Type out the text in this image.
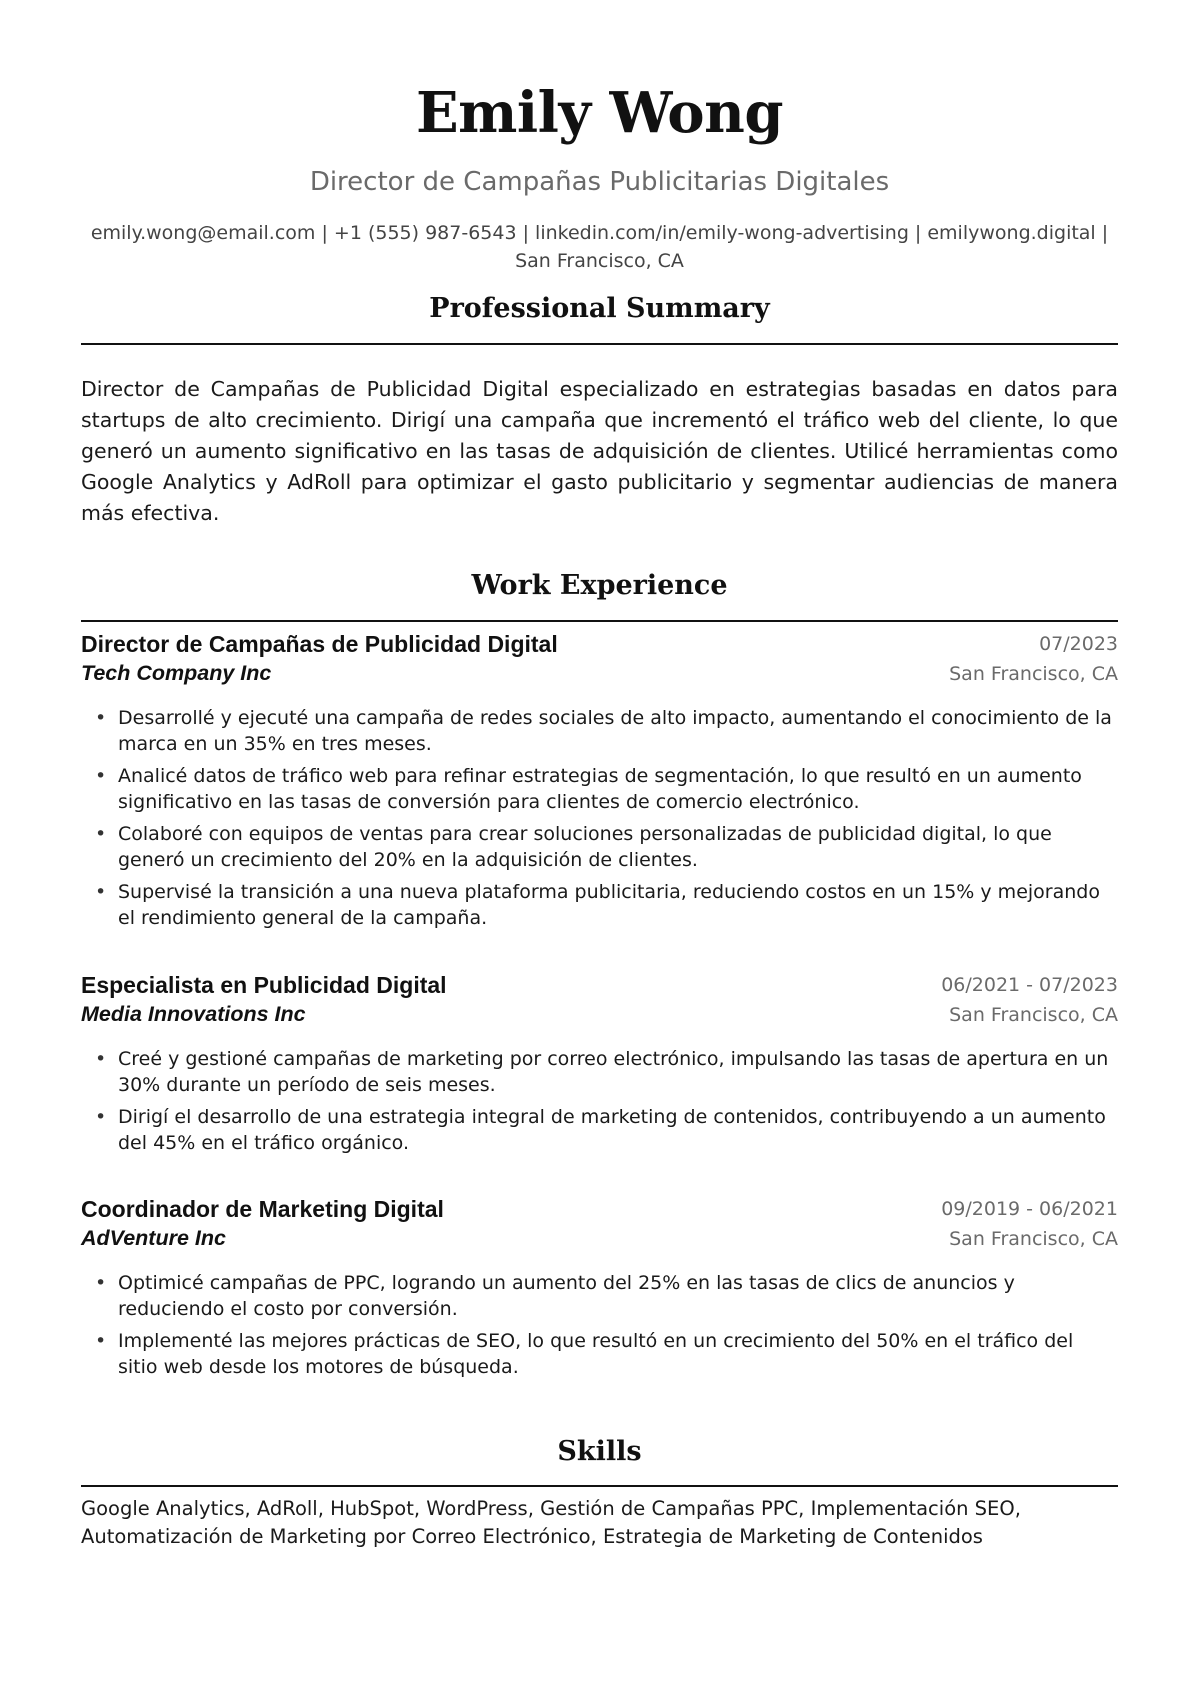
Emily Wong
Director de Campañas Publicitarias Digitales
emily.wong@email.com | +1 (555) 987-6543 | linkedin.com/in/emily-wong-advertising | emilywong.digital | San Francisco, CA
Professional Summary
Director de Campañas de Publicidad Digital especializado en estrategias basadas en datos para startups de alto crecimiento. Dirigí una campaña que incrementó el tráfico web del cliente, lo que generó un aumento significativo en las tasas de adquisición de clientes. Utilicé herramientas como Google Analytics y AdRoll para optimizar el gasto publicitario y segmentar audiencias de manera más efectiva.
Work Experience
Director de Campañas de Publicidad Digital	07/2023
Tech Company Inc	San Francisco, CA
• Desarrollé y ejecuté una campaña de redes sociales de alto impacto, aumentando el conocimiento de la marca en un 35% en tres meses.
• Analicé datos de tráfico web para refinar estrategias de segmentación, lo que resultó en un aumento significativo en las tasas de conversión para clientes de comercio electrónico.
• Colaboré con equipos de ventas para crear soluciones personalizadas de publicidad digital, lo que generó un crecimiento del 20% en la adquisición de clientes.
• Supervisé la transición a una nueva plataforma publicitaria, reduciendo costos en un 15% y mejorando el rendimiento general de la campaña.
Especialista en Publicidad Digital	06/2021 - 07/2023
Media Innovations Inc	San Francisco, CA
• Creé y gestioné campañas de marketing por correo electrónico, impulsando las tasas de apertura en un 30% durante un período de seis meses.
• Dirigí el desarrollo de una estrategia integral de marketing de contenidos, contribuyendo a un aumento del 45% en el tráfico orgánico.
Coordinador de Marketing Digital	09/2019 - 06/2021
AdVenture Inc	San Francisco, CA
• Optimicé campañas de PPC, logrando un aumento del 25% en las tasas de clics de anuncios y reduciendo el costo por conversión.
• Implementé las mejores prácticas de SEO, lo que resultó en un crecimiento del 50% en el tráfico del sitio web desde los motores de búsqueda.
Skills
Google Analytics, AdRoll, HubSpot, WordPress, Gestión de Campañas PPC, Implementación SEO, Automatización de Marketing por Correo Electrónico, Estrategia de Marketing de Contenidos
